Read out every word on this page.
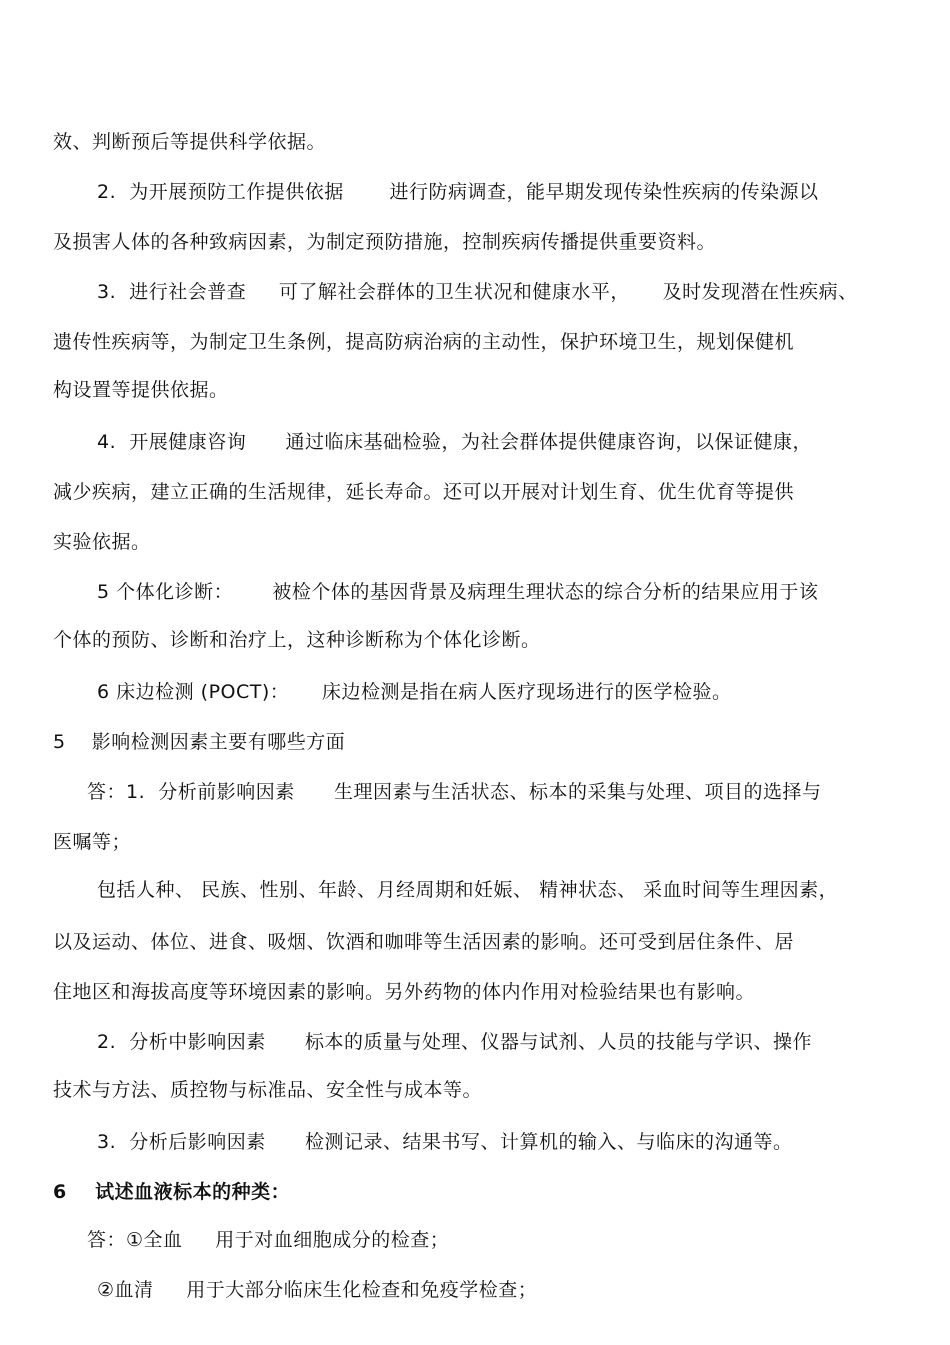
效、判断预后等提供科学依据。
2.  为开展预防工作提供依据       进行防病调查，能早期发现传染性疾病的传染源以
及损害人体的各种致病因素，为制定预防措施，控制疾病传播提供重要资料。
3.  进行社会普查     可了解社会群体的卫生状况和健康水平，     及时发现潜在性疾病、
遗传性疾病等，为制定卫生条例，提高防病治病的主动性，保护环境卫生，规划保健机
构设置等提供依据。
4.  开展健康咨询      通过临床基础检验，为社会群体提供健康咨询，以保证健康，
减少疾病，建立正确的生活规律，延长寿命。还可以开展对计划生育、优生优育等提供
实验依据。
5 个体化诊断：      被检个体的基因背景及病理生理状态的综合分析的结果应用于该
个体的预防、诊断和治疗上，这种诊断称为个体化诊断。
6 床边检测 (POCT)：     床边检测是指在病人医疗现场进行的医学检验。
5    影响检测因素主要有哪些方面
答：1.  分析前影响因素      生理因素与生活状态、标本的采集与处理、项目的选择与
医嘱等；
包括人种、 民族、性别、年龄、月经周期和妊娠、 精神状态、 采血时间等生理因素，
以及运动、体位、进食、吸烟、饮酒和咖啡等生活因素的影响。还可受到居住条件、居
住地区和海拔高度等环境因素的影响。另外药物的体内作用对检验结果也有影响。
2.  分析中影响因素      标本的质量与处理、仪器与试剂、人员的技能与学识、操作
技术与方法、质控物与标准品、安全性与成本等。
3.  分析后影响因素      检测记录、结果书写、计算机的输入、与临床的沟通等。
6    试述血液标本的种类：
答：①全血     用于对血细胞成分的检查；
②血清     用于大部分临床生化检查和免疫学检查；
